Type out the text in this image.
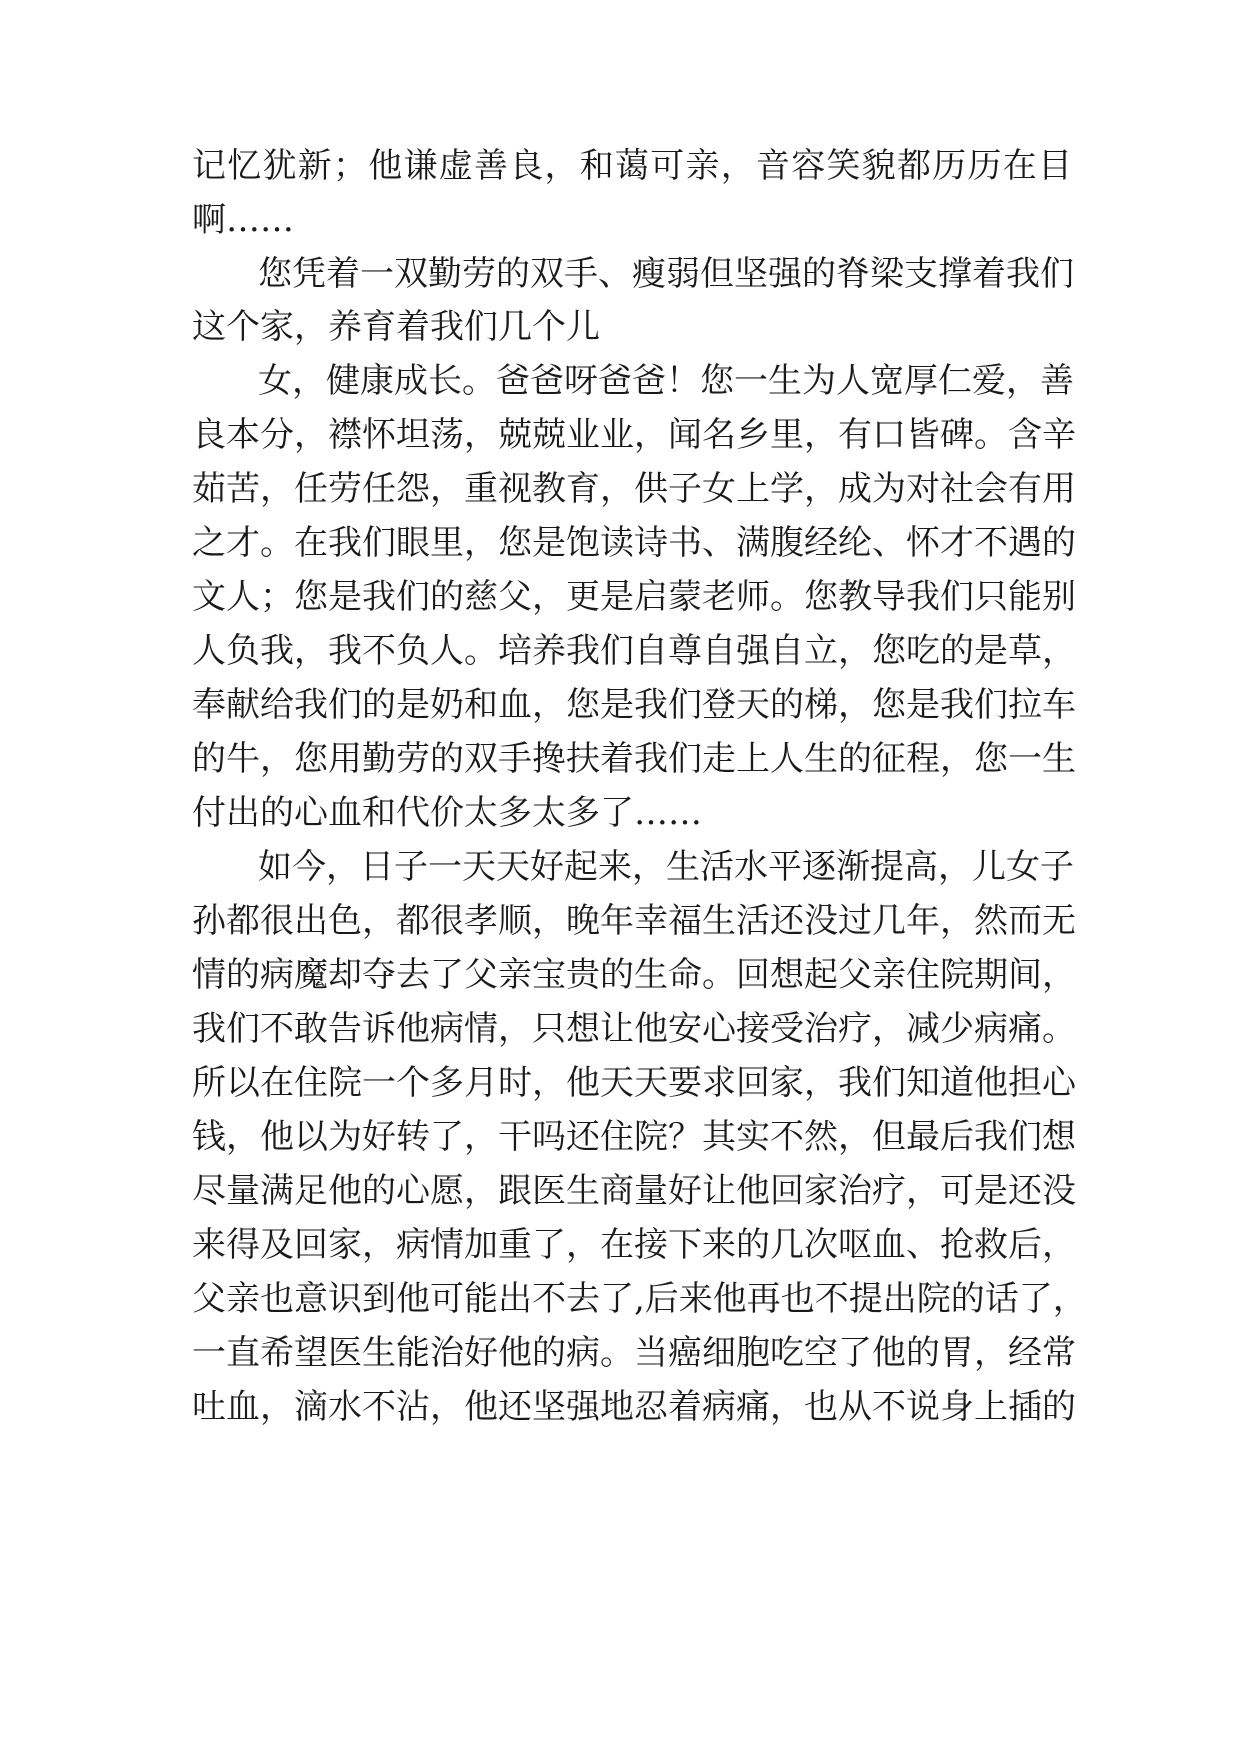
记忆犹新；他谦虚善良，和蔼可亲，音容笑貌都历历在目
啊……
您凭着一双勤劳的双手、瘦弱但坚强的脊梁支撑着我们
这个家，养育着我们几个儿
女，健康成长。爸爸呀爸爸！您一生为人宽厚仁爱，善
良本分，襟怀坦荡，兢兢业业，闻名乡里，有口皆碑。含辛
茹苦，任劳任怨，重视教育，供子女上学，成为对社会有用
之才。在我们眼里，您是饱读诗书、满腹经纶、怀才不遇的
文人；您是我们的慈父，更是启蒙老师。您教导我们只能别
人负我，我不负人。培养我们自尊自强自立，您吃的是草，
奉献给我们的是奶和血，您是我们登天的梯，您是我们拉车
的牛，您用勤劳的双手搀扶着我们走上人生的征程，您一生
付出的心血和代价太多太多了……
如今，日子一天天好起来，生活水平逐渐提高，儿女子
孙都很出色，都很孝顺，晚年幸福生活还没过几年，然而无
情的病魔却夺去了父亲宝贵的生命。回想起父亲住院期间，
我们不敢告诉他病情，只想让他安心接受治疗，减少病痛。
所以在住院一个多月时，他天天要求回家，我们知道他担心
钱，他以为好转了，干吗还住院？其实不然，但最后我们想
尽量满足他的心愿，跟医生商量好让他回家治疗，可是还没
来得及回家，病情加重了，在接下来的几次呕血、抢救后，
父亲也意识到他可能出不去了,后来他再也不提出院的话了，
一直希望医生能治好他的病。当癌细胞吃空了他的胃，经常
吐血，滴水不沾，他还坚强地忍着病痛，也从不说身上插的
